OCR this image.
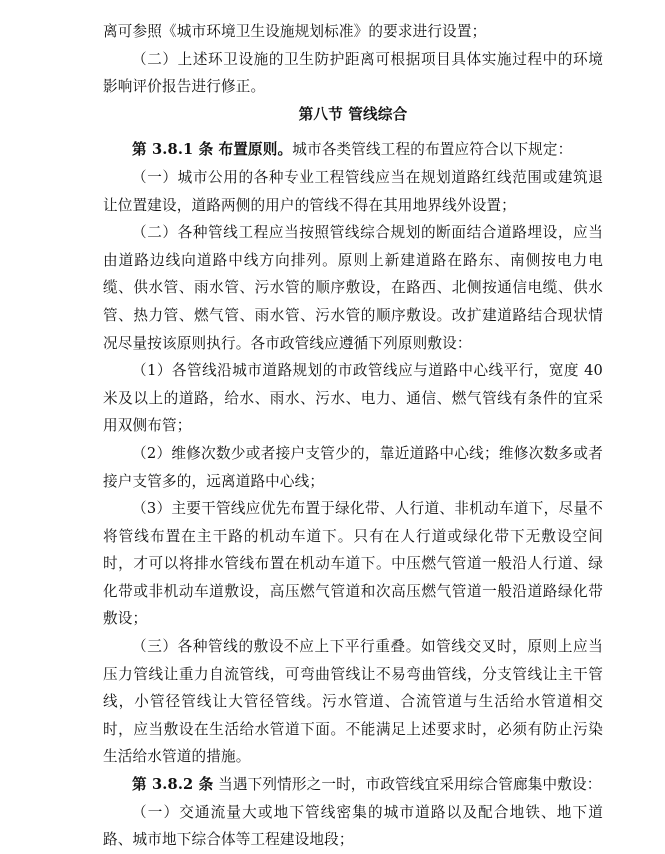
离可参照《城市环境卫生设施规划标准》的要求进行设置；

（二）上述环卫设施的卫生防护距离可根据项目具体实施过程中的环境影响评价报告进行修正。

第八节 管线综合

第 3.8.1 条 布置原则。城市各类管线工程的布置应符合以下规定：

（一）城市公用的各种专业工程管线应当在规划道路红线范围或建筑退让位置建设，道路两侧的用户的管线不得在其用地界线外设置；

（二）各种管线工程应当按照管线综合规划的断面结合道路埋设，应当由道路边线向道路中线方向排列。原则上新建道路在路东、南侧按电力电缆、供水管、雨水管、污水管的顺序敷设，在路西、北侧按通信电缆、供水管、热力管、燃气管、雨水管、污水管的顺序敷设。改扩建道路结合现状情况尽量按该原则执行。各市政管线应遵循下列原则敷设：

（1）各管线沿城市道路规划的市政管线应与道路中心线平行，宽度 40 米及以上的道路，给水、雨水、污水、电力、通信、燃气管线有条件的宜采用双侧布管；

（2）维修次数少或者接户支管少的，靠近道路中心线；维修次数多或者接户支管多的，远离道路中心线；

（3）主要干管线应优先布置于绿化带、人行道、非机动车道下，尽量不将管线布置在主干路的机动车道下。只有在人行道或绿化带下无敷设空间时，才可以将排水管线布置在机动车道下。中压燃气管道一般沿人行道、绿化带或非机动车道敷设，高压燃气管道和次高压燃气管道一般沿道路绿化带敷设；

（三）各种管线的敷设不应上下平行重叠。如管线交叉时，原则上应当压力管线让重力自流管线，可弯曲管线让不易弯曲管线，分支管线让主干管线，小管径管线让大管径管线。污水管道、合流管道与生活给水管道相交时，应当敷设在生活给水管道下面。不能满足上述要求时，必须有防止污染生活给水管道的措施。

第 3.8.2 条 当遇下列情形之一时，市政管线宜采用综合管廊集中敷设：

（一）交通流量大或地下管线密集的城市道路以及配合地铁、地下道路、城市地下综合体等工程建设地段；
